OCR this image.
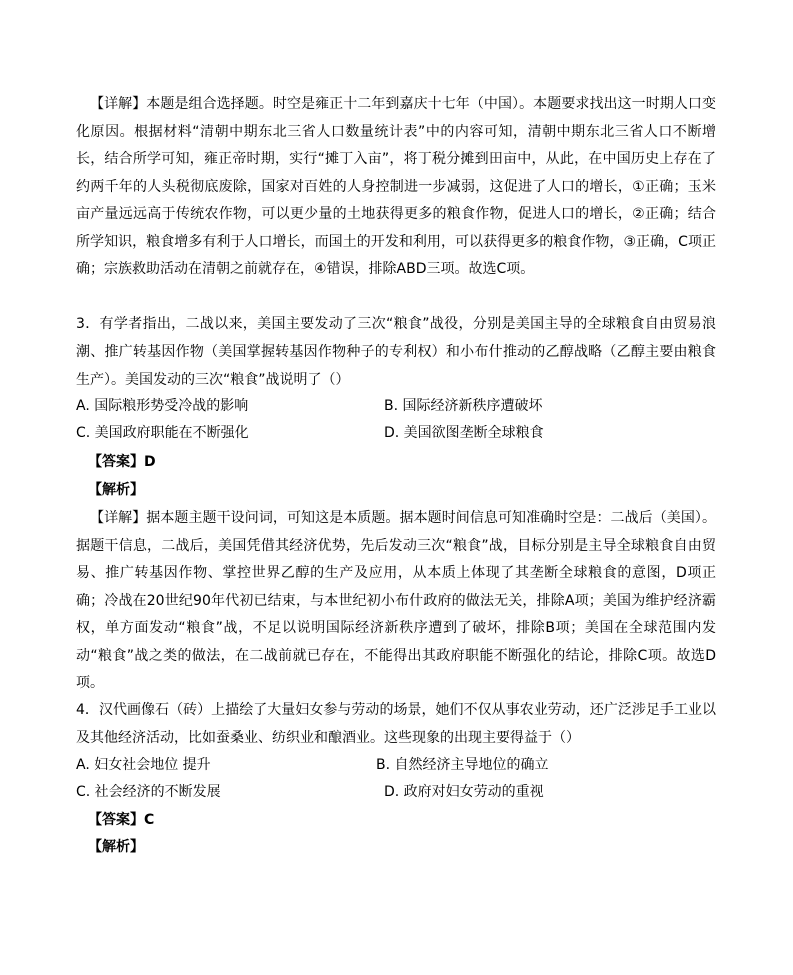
【详解】本题是组合选择题。时空是雍正十二年到嘉庆十七年（中国）。本题要求找出这一时期人口变化原因。根据材料“清朝中期东北三省人口数量统计表”中的内容可知，清朝中期东北三省人口不断增长，结合所学可知，雍正帝时期，实行“摊丁入亩”，将丁税分摊到田亩中，从此，在中国历史上存在了约两千年的人头税彻底废除，国家对百姓的人身控制进一步减弱，这促进了人口的增长，①正确；玉米亩产量远远高于传统农作物，可以更少量的土地获得更多的粮食作物，促进人口的增长，②正确；结合所学知识，粮食增多有利于人口增长，而国土的开发和利用，可以获得更多的粮食作物，③正确，C项正确；宗族救助活动在清朝之前就存在，④错误，排除ABD三项。故选C项。

3．有学者指出，二战以来，美国主要发动了三次“粮食”战役，分别是美国主导的全球粮食自由贸易浪潮、推广转基因作物（美国掌握转基因作物种子的专利权）和小布什推动的乙醇战略（乙醇主要由粮食生产）。美国发动的三次“粮食”战说明了（）

A. 国际粮形势受冷战的影响	B. 国际经济新秩序遭破坏

C. 美国政府职能在不断强化	D. 美国欲图垄断全球粮食

【答案】D

【解析】

【详解】据本题主题干设问词，可知这是本质题。据本题时间信息可知准确时空是：二战后（美国）。据题干信息，二战后，美国凭借其经济优势，先后发动三次“粮食”战，目标分别是主导全球粮食自由贸易、推广转基因作物、掌控世界乙醇的生产及应用，从本质上体现了其垄断全球粮食的意图，D项正确；冷战在20世纪90年代初已结束，与本世纪初小布什政府的做法无关，排除A项；美国为维护经济霸权，单方面发动“粮食”战，不足以说明国际经济新秩序遭到了破坏，排除B项；美国在全球范围内发动“粮食”战之类的做法，在二战前就已存在，不能得出其政府职能不断强化的结论，排除C项。故选D项。

4．汉代画像石（砖）上描绘了大量妇女参与劳动的场景，她们不仅从事农业劳动，还广泛涉足手工业以及其他经济活动，比如蚕桑业、纺织业和酿酒业。这些现象的出现主要得益于（）

A. 妇女社会地位 提升	B. 自然经济主导地位的确立

C. 社会经济的不断发展	D. 政府对妇女劳动的重视

【答案】C

【解析】
